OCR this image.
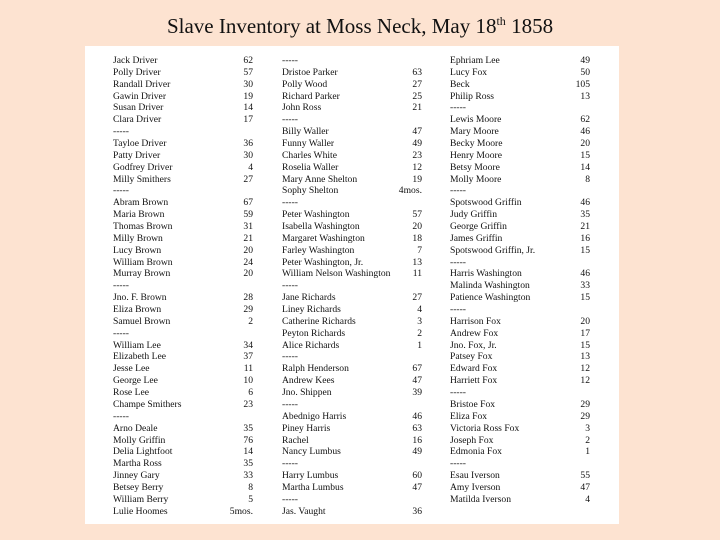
Slave Inventory at Moss Neck, May 18th 1858
Jack Driver	62
Polly Driver	57
Randall Driver	30
Gawin Driver	19
Susan Driver	14
Clara Driver	17
-----
Tayloe Driver	36
Patty Driver	30
Godfrey Driver	4
Milly Smithers	27
-----
Abram Brown	67
Maria Brown	59
Thomas Brown	31
Milly Brown	21
Lucy Brown	20
William Brown	24
Murray Brown	20
-----
Jno. F. Brown	28
Eliza Brown	29
Samuel Brown	2
-----
William Lee	34
Elizabeth Lee	37
Jesse Lee	11
George Lee	10
Rose Lee	6
Champe Smithers	23
-----
Arno Deale	35
Molly Griffin	76
Delia Lightfoot	14
Martha Ross	35
Jinney Gary	33
Betsey Berry	8
William Berry	5
Lulie Hoomes	5mos.
-----
Dristoe Parker	63
Polly Wood	27
Richard Parker	25
John Ross	21
-----
Billy Waller	47
Funny Waller	49
Charles White	23
Roselia Waller	12
Mary Anne Shelton	19
Sophy Shelton	4mos.
-----
Peter Washington	57
Isabella Washington	20
Margaret Washington	18
Farley Washington	7
Peter Washington, Jr.	13
William Nelson Washington 11
-----
Jane Richards	27
Liney Richards	4
Catherine Richards	3
Peyton Richards	2
Alice Richards	1
-----
Ralph Henderson	67
Andrew Kees	47
Jno. Shippen	39
-----
Abednigo Harris	46
Piney Harris	63
Rachel	16
Nancy Lumbus	49
-----
Harry Lumbus	60
Martha Lumbus	47
-----
Jas. Vaught	36
Ephriam Lee	49
Lucy Fox	50
Beck	105
Philip Ross	13
-----
Lewis Moore	62
Mary Moore	46
Becky Moore	20
Henry Moore	15
Betsy Moore	14
Molly Moore	8
-----
Spotswood Griffin	46
Judy Griffin	35
George Griffin	21
James Griffin	16
Spotswood Griffin, Jr.	15
-----
Harris Washington	46
Malinda Washington	33
Patience Washington	15
-----
Harrison Fox	20
Andrew Fox	17
Jno. Fox, Jr.	15
Patsey Fox	13
Edward Fox	12
Harriett Fox	12
-----
Bristoe Fox	29
Eliza Fox	29
Victoria Ross Fox	3
Joseph Fox	2
Edmonia Fox	1
-----
Esau Iverson	55
Amy Iverson	47
Matilda Iverson	4
